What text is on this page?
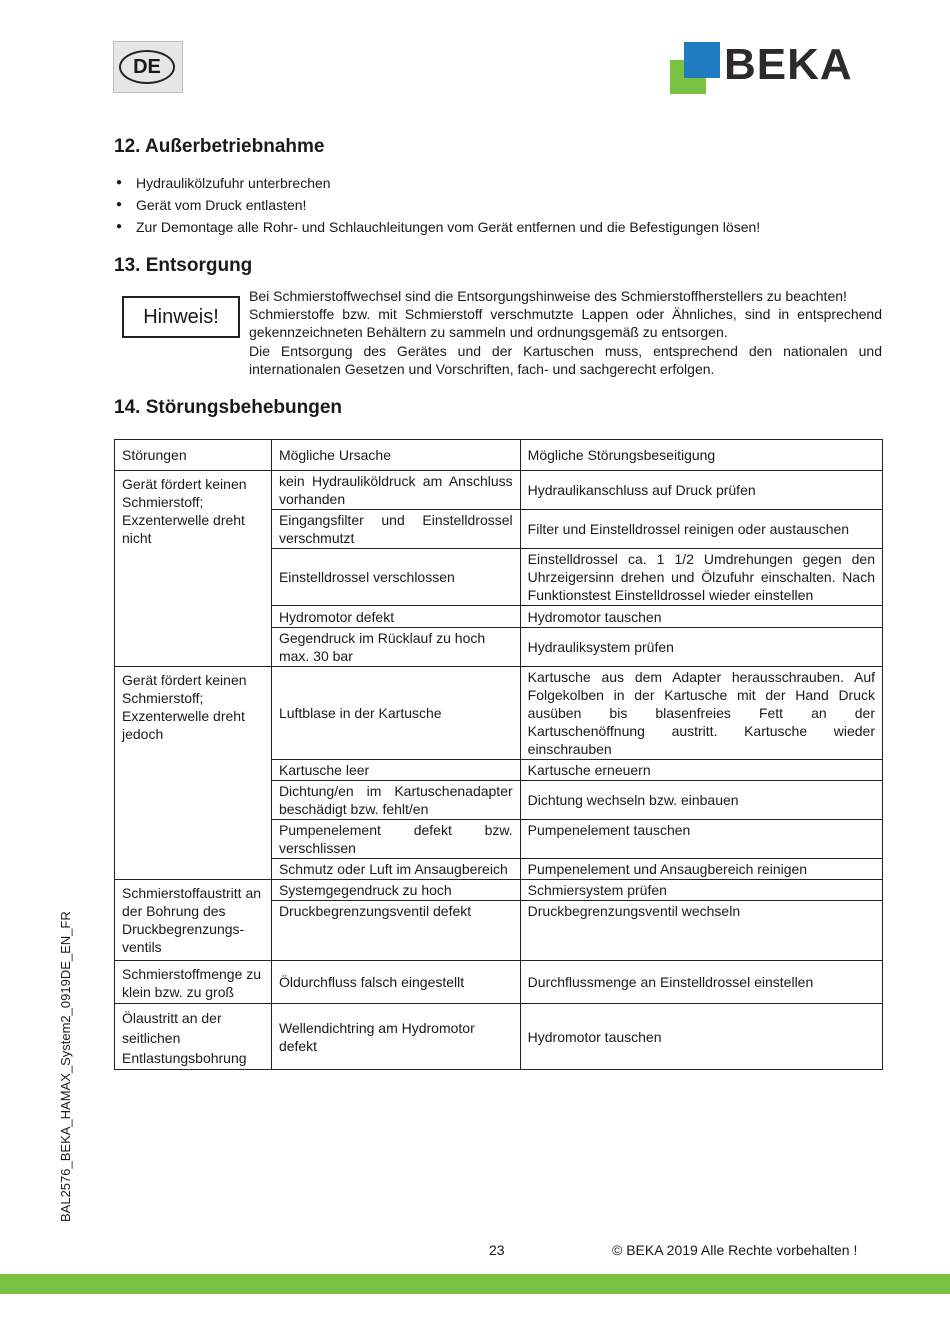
DE	BEKA
12. Außerbetriebnahme
● Hydraulikölzufuhr unterbrechen
● Gerät vom Druck entlasten!
● Zur Demontage alle Rohr- und Schlauchleitungen vom Gerät entfernen und die Befestigungen lösen!
13. Entsorgung
Hinweis!
Bei Schmierstoffwechsel sind die Entsorgungshinweise des Schmierstoffherstellers zu beachten!
Schmierstoffe bzw. mit Schmierstoff verschmutzte Lappen oder Ähnliches, sind in entsprechend gekennzeichneten Behältern zu sammeln und ordnungsgemäß zu entsorgen.
Die Entsorgung des Gerätes und der Kartuschen muss, entsprechend den nationalen und internationalen Gesetzen und Vorschriften, fach- und sachgerecht erfolgen.
14. Störungsbehebungen
Störungen	Mögliche Ursache	Mögliche Störungsbeseitigung
Gerät fördert keinen Schmierstoff; Exzenterwelle dreht nicht	kein Hydrauliköldruck am Anschluss vorhanden	Hydraulikanschluss auf Druck prüfen
	Eingangsfilter und Einstelldrossel verschmutzt	Filter und Einstelldrossel reinigen oder austauschen
	Einstelldrossel verschlossen	Einstelldrossel ca. 1 1/2 Umdrehungen gegen den Uhrzeigersinn drehen und Ölzufuhr einschalten. Nach Funktionstest Einstelldrossel wieder einstellen
	Hydromotor defekt	Hydromotor tauschen
	Gegendruck im Rücklauf zu hoch max. 30 bar	Hydrauliksystem prüfen
Gerät fördert keinen Schmierstoff; Exzenterwelle dreht jedoch	Luftblase in der Kartusche	Kartusche aus dem Adapter herausschrauben. Auf Folgekolben in der Kartusche mit der Hand Druck ausüben bis blasenfreies Fett an der Kartuschenöffnung austritt. Kartusche wieder einschrauben
	Kartusche leer	Kartusche erneuern
	Dichtung/en im Kartuschenadapter beschädigt bzw. fehlt/en	Dichtung wechseln bzw. einbauen
	Pumpenelement defekt bzw. verschlissen	Pumpenelement tauschen
	Schmutz oder Luft im Ansaugbereich	Pumpenelement und Ansaugbereich reinigen
Schmierstoffaustritt an der Bohrung des Druckbegrenzungs-ventils	Systemgegendruck zu hoch	Schmiersystem prüfen
	Druckbegrenzungsventil defekt	Druckbegrenzungsventil wechseln
Schmierstoffmenge zu klein bzw. zu groß	Öldurchfluss falsch eingestellt	Durchflussmenge an Einstelldrossel einstellen
Ölaustritt an der seitlichen Entlastungsbohrung	Wellendichtring am Hydromotor defekt	Hydromotor tauschen
BAL2576_BEKA_HAMAX_System2_0919DE_EN_FR
23	© BEKA 2019 Alle Rechte vorbehalten !
